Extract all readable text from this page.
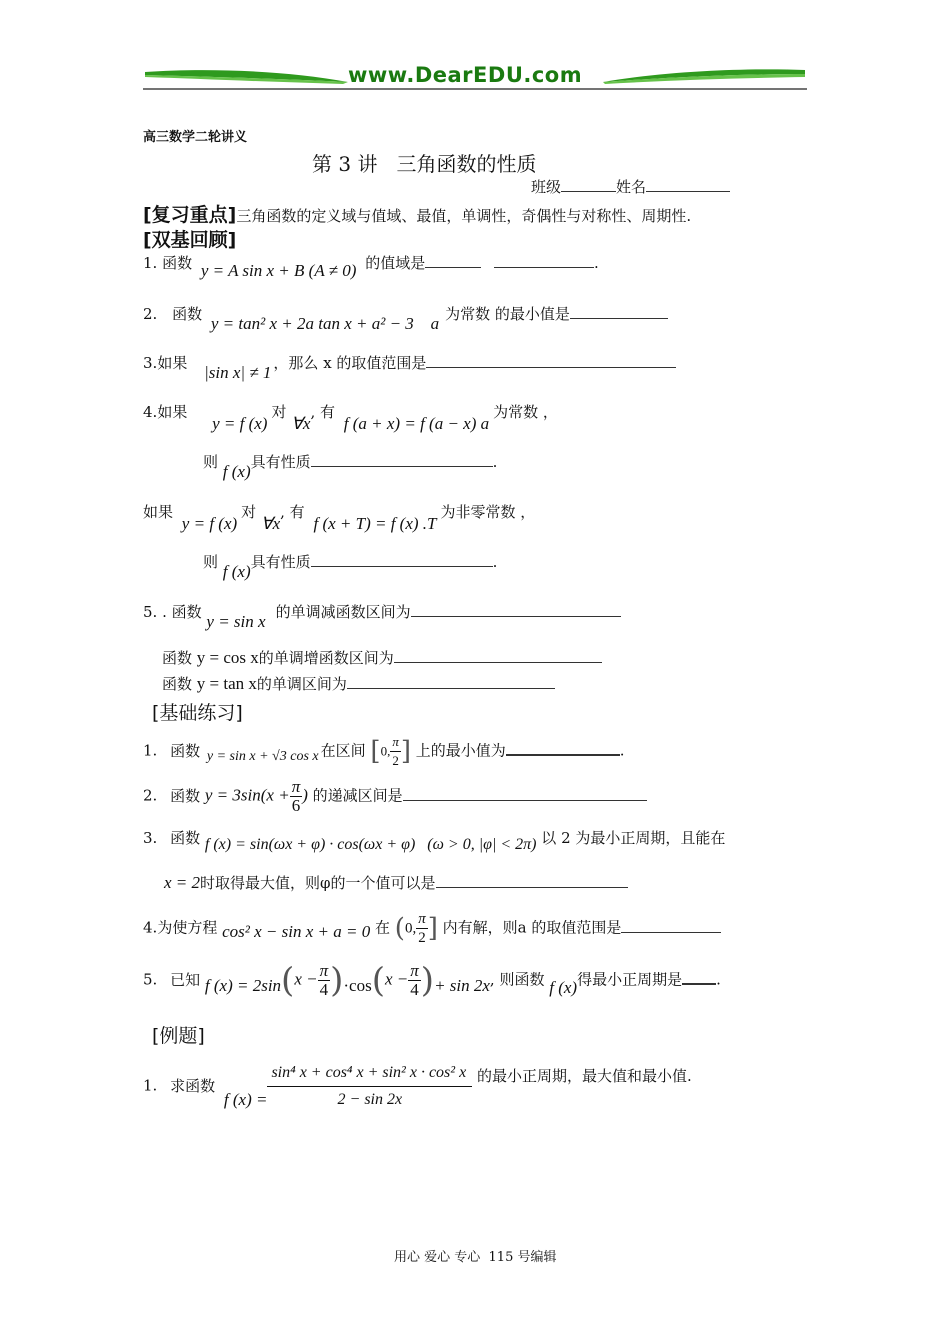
www.DearEDU.com
高三数学二轮讲义
第 3 讲   三角函数的性质
班级	姓名
[复习重点]三角函数的定义域与值域、最值，单调性，奇偶性与对称性、周期性.
[双基回顾]
1. 函数 y = A sin x + B (A ≠ 0) 的值域是	.
2. 函数 y = tan² x + 2a tan x + a² − 3 a 为常数 的最小值是
3.如果 |sin x| ≠ 1 ，那么 x 的取值范围是
4.如果 y = f (x)对 ∀x, 有 f (a + x) = f (a − x) a为常数 ，
则 f (x)具有性质	.
如果 y = f (x)对 ∀x, 有 f (x + T) = f (x) .T为非零常数 ，
则 f (x)具有性质	.
5. . 函数 y = sin x 的单调减函数区间为
函数 y = cos x的单调增函数区间为
函数 y = tan x的单调区间为
[基础练习]
1. 函数 y = sin x + √3 cos x 在区间 [0, $\frac{\pi}{2}$ ] 上的最小值为	.
2. 函数 $y = 3\sin(x + \frac{\pi}{6}$ ) 的递减区间是
3. 函数 f (x) = sin(ωx + φ) · cos(ωx + φ)   (ω > 0, |φ| < 2π) 以 2 为最小正周期，且能在
x = 2时取得最大值，则φ的一个值可以是
4.为使方程 cos² x − sin x + a = 0 在 (0, $\frac{\pi}{2}$ ] 内有解，则a 的取值范围是
5. 已知 f $(x) = 2\sin(x - \frac{\pi}{4} )\cdot\cos(x - \frac{\pi}{4}$ )+ sin 2x, 则函数 f (x)得最小正周期是 .
[例题]
1. 求函数 f $(x) = \frac{\text{sin⁴ x + cos⁴ x + sin² x · cos² x}}{2 - \sin 2x}$ 的最小正周期，最大值和最小值.
用心 爱心 专心  115 号编辑
